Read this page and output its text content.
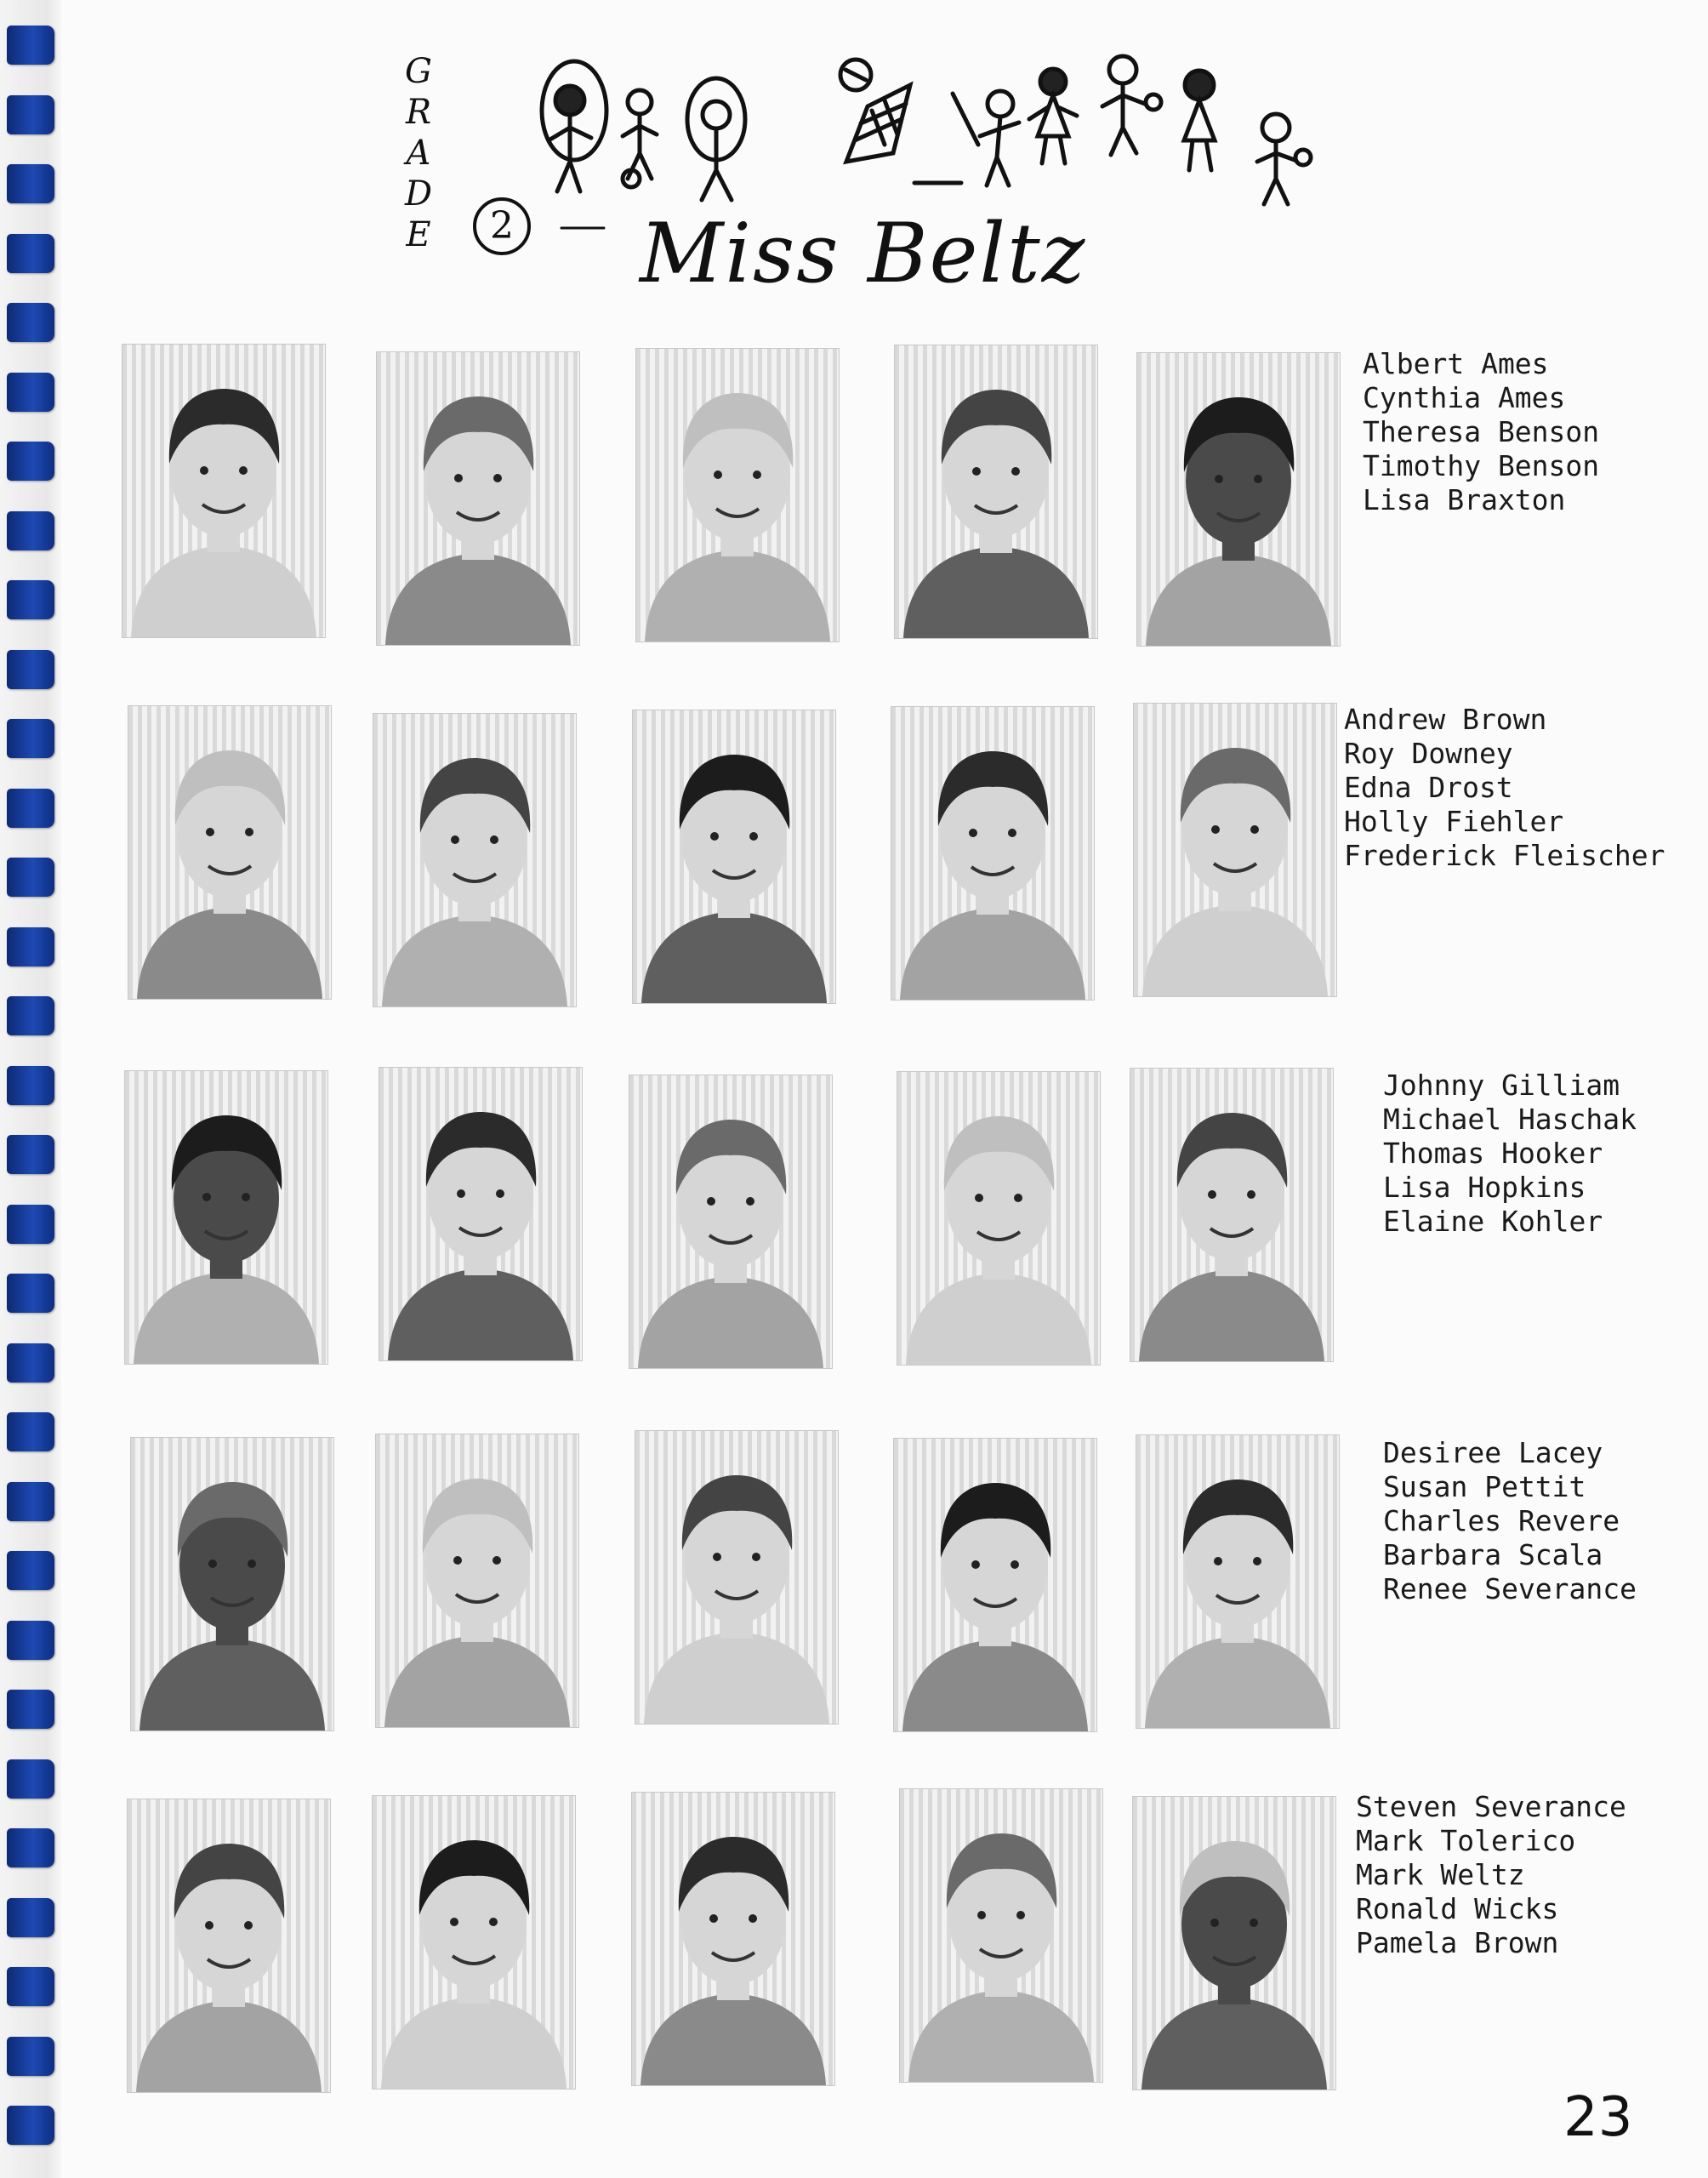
G
R
A
D
E	2 Miss Beltz
Albert Ames
Cynthia Ames
Theresa Benson
Timothy Benson
Lisa Braxton
Andrew Brown
Roy Downey
Edna Drost
Holly Fiehler
Frederick Fleischer
Johnny Gilliam
Michael Haschak
Thomas Hooker
Lisa Hopkins
Elaine Kohler
Desiree Lacey
Susan Pettit
Charles Revere
Barbara Scala
Renee Severance
Steven Severance
Mark Tolerico
Mark Weltz
Ronald Wicks
Pamela Brown
23
